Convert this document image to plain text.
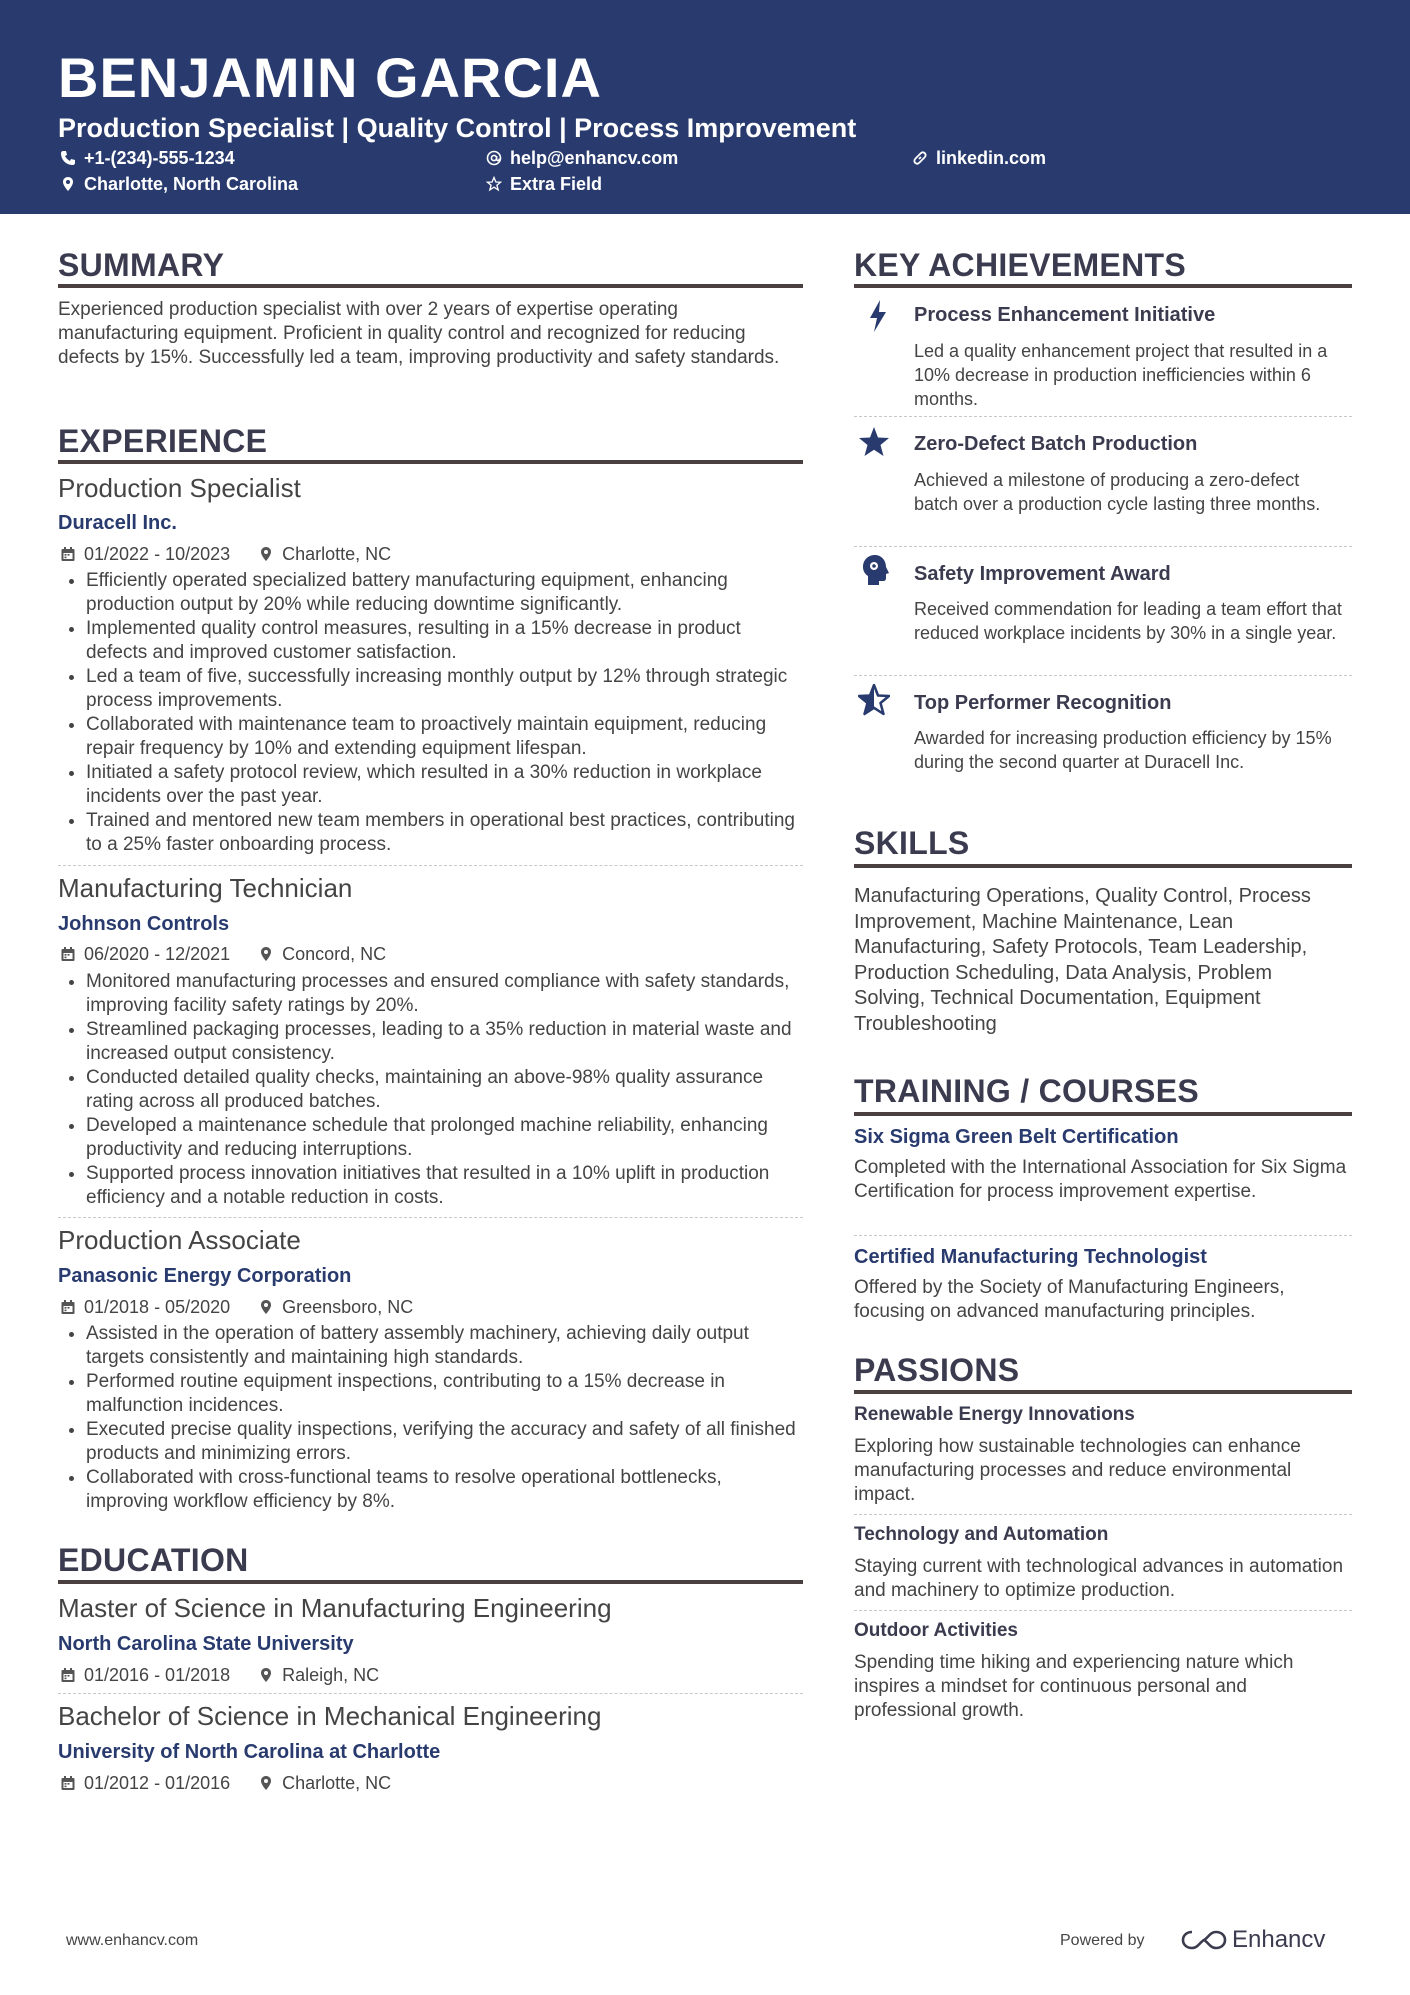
BENJAMIN GARCIA
Production Specialist | Quality Control | Process Improvement
+1-(234)-555-1234	help@enhancv.com	linkedin.com
Charlotte, North Carolina	Extra Field
SUMMARY
Experienced production specialist with over 2 years of expertise operating manufacturing equipment. Proficient in quality control and recognized for reducing defects by 15%. Successfully led a team, improving productivity and safety standards.
EXPERIENCE
Production Specialist
Duracell Inc.
01/2022 - 10/2023	Charlotte, NC
• Efficiently operated specialized battery manufacturing equipment, enhancing production output by 20% while reducing downtime significantly.
• Implemented quality control measures, resulting in a 15% decrease in product defects and improved customer satisfaction.
• Led a team of five, successfully increasing monthly output by 12% through strategic process improvements.
• Collaborated with maintenance team to proactively maintain equipment, reducing repair frequency by 10% and extending equipment lifespan.
• Initiated a safety protocol review, which resulted in a 30% reduction in workplace incidents over the past year.
• Trained and mentored new team members in operational best practices, contributing to a 25% faster onboarding process.
Manufacturing Technician
Johnson Controls
06/2020 - 12/2021	Concord, NC
• Monitored manufacturing processes and ensured compliance with safety standards, improving facility safety ratings by 20%.
• Streamlined packaging processes, leading to a 35% reduction in material waste and increased output consistency.
• Conducted detailed quality checks, maintaining an above-98% quality assurance rating across all produced batches.
• Developed a maintenance schedule that prolonged machine reliability, enhancing productivity and reducing interruptions.
• Supported process innovation initiatives that resulted in a 10% uplift in production efficiency and a notable reduction in costs.
Production Associate
Panasonic Energy Corporation
01/2018 - 05/2020	Greensboro, NC
• Assisted in the operation of battery assembly machinery, achieving daily output targets consistently and maintaining high standards.
• Performed routine equipment inspections, contributing to a 15% decrease in malfunction incidences.
• Executed precise quality inspections, verifying the accuracy and safety of all finished products and minimizing errors.
• Collaborated with cross-functional teams to resolve operational bottlenecks, improving workflow efficiency by 8%.
EDUCATION
Master of Science in Manufacturing Engineering
North Carolina State University
01/2016 - 01/2018	Raleigh, NC
Bachelor of Science in Mechanical Engineering
University of North Carolina at Charlotte
01/2012 - 01/2016	Charlotte, NC
KEY ACHIEVEMENTS
Process Enhancement Initiative
Led a quality enhancement project that resulted in a 10% decrease in production inefficiencies within 6 months.
Zero-Defect Batch Production
Achieved a milestone of producing a zero-defect batch over a production cycle lasting three months.
Safety Improvement Award
Received commendation for leading a team effort that reduced workplace incidents by 30% in a single year.
Top Performer Recognition
Awarded for increasing production efficiency by 15% during the second quarter at Duracell Inc.
SKILLS
Manufacturing Operations, Quality Control, Process Improvement, Machine Maintenance, Lean Manufacturing, Safety Protocols, Team Leadership, Production Scheduling, Data Analysis, Problem Solving, Technical Documentation, Equipment Troubleshooting
TRAINING / COURSES
Six Sigma Green Belt Certification
Completed with the International Association for Six Sigma Certification for process improvement expertise.
Certified Manufacturing Technologist
Offered by the Society of Manufacturing Engineers, focusing on advanced manufacturing principles.
PASSIONS
Renewable Energy Innovations
Exploring how sustainable technologies can enhance manufacturing processes and reduce environmental impact.
Technology and Automation
Staying current with technological advances in automation and machinery to optimize production.
Outdoor Activities
Spending time hiking and experiencing nature which inspires a mindset for continuous personal and professional growth.
www.enhancv.com	Powered by	Enhancv
